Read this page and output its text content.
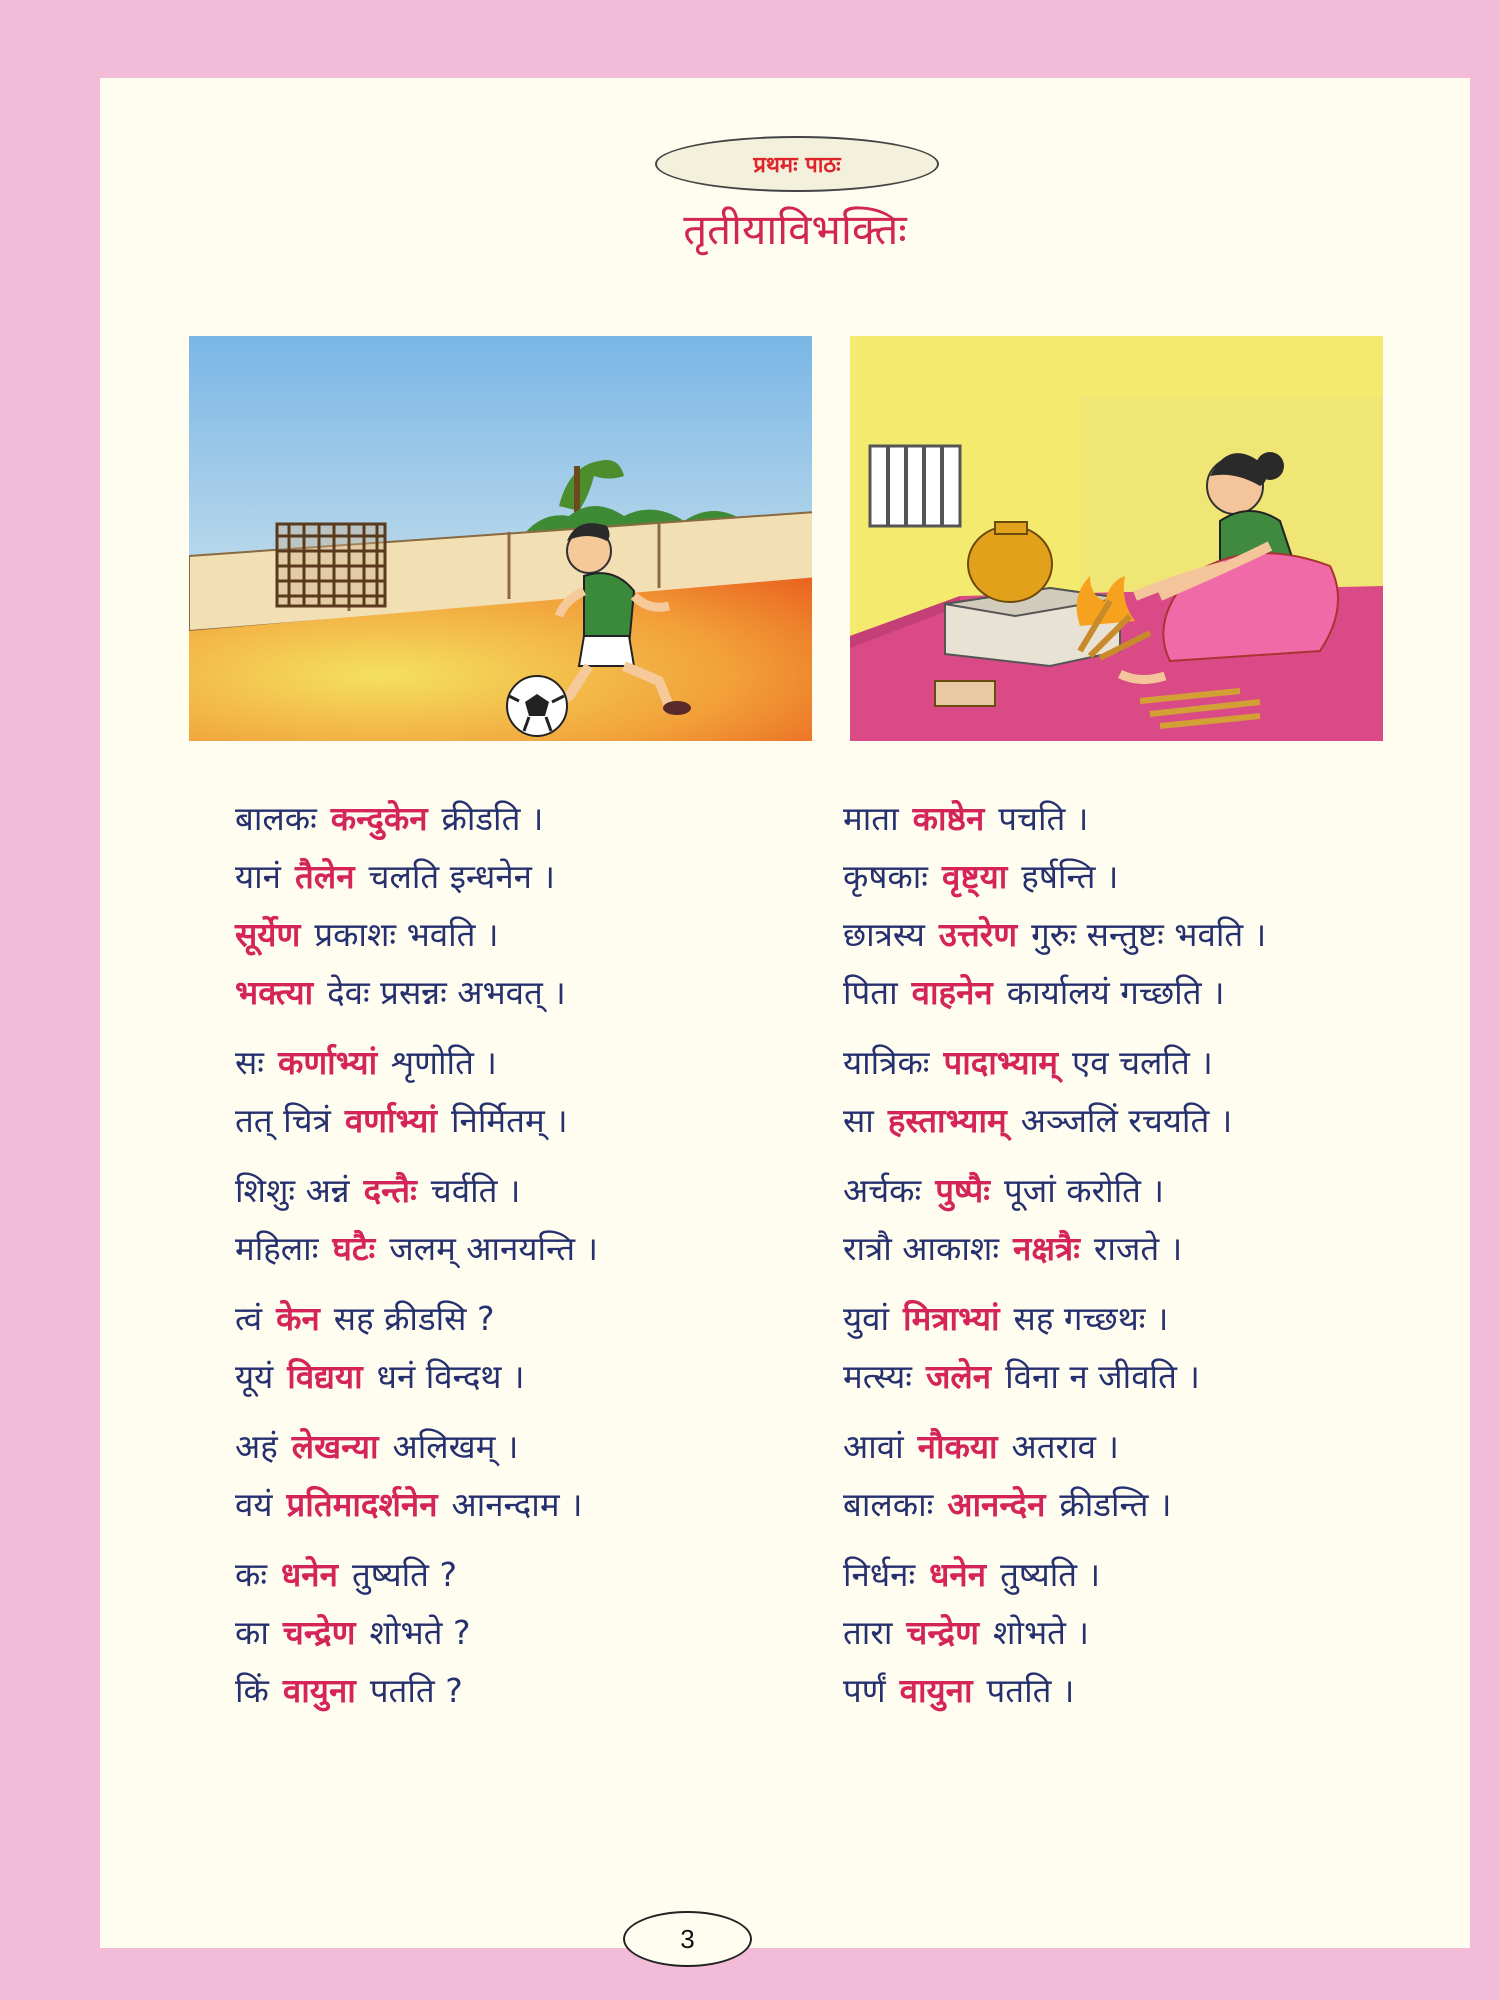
प्रथमः पाठः
तृतीयाविभक्तिः
बालकः कन्दुकेन क्रीडति ।
यानं तैलेन चलति इन्धनेन ।
सूर्येण प्रकाशः भवति ।
भक्त्या देवः प्रसन्नः अभवत् ।
सः कर्णाभ्यां शृणोति ।
तत् चित्रं वर्णाभ्यां निर्मितम् ।
शिशुः अन्नं दन्तैः चर्वति ।
महिलाः घटैः जलम् आनयन्ति ।
त्वं केन सह क्रीडसि ?
यूयं विद्यया धनं विन्दथ ।
अहं लेखन्या अलिखम् ।
वयं प्रतिमादर्शनेन आनन्दाम ।
कः धनेन तुष्यति ?
का चन्द्रेण शोभते ?
किं वायुना पतति ?
माता काष्ठेन पचति ।
कृषकाः वृष्ट्या हर्षन्ति ।
छात्रस्य उत्तरेण गुरुः सन्तुष्टः भवति ।
पिता वाहनेन कार्यालयं गच्छति ।
यात्रिकः पादाभ्याम् एव चलति ।
सा हस्ताभ्याम् अञ्जलिं रचयति ।
अर्चकः पुष्पैः पूजां करोति ।
रात्रौ आकाशः नक्षत्रैः राजते ।
युवां मित्राभ्यां सह गच्छथः ।
मत्स्यः जलेन विना न जीवति ।
आवां नौकया अतराव ।
बालकाः आनन्देन क्रीडन्ति ।
निर्धनः धनेन तुष्यति ।
तारा चन्द्रेण शोभते ।
पर्णं वायुना पतति ।
3
